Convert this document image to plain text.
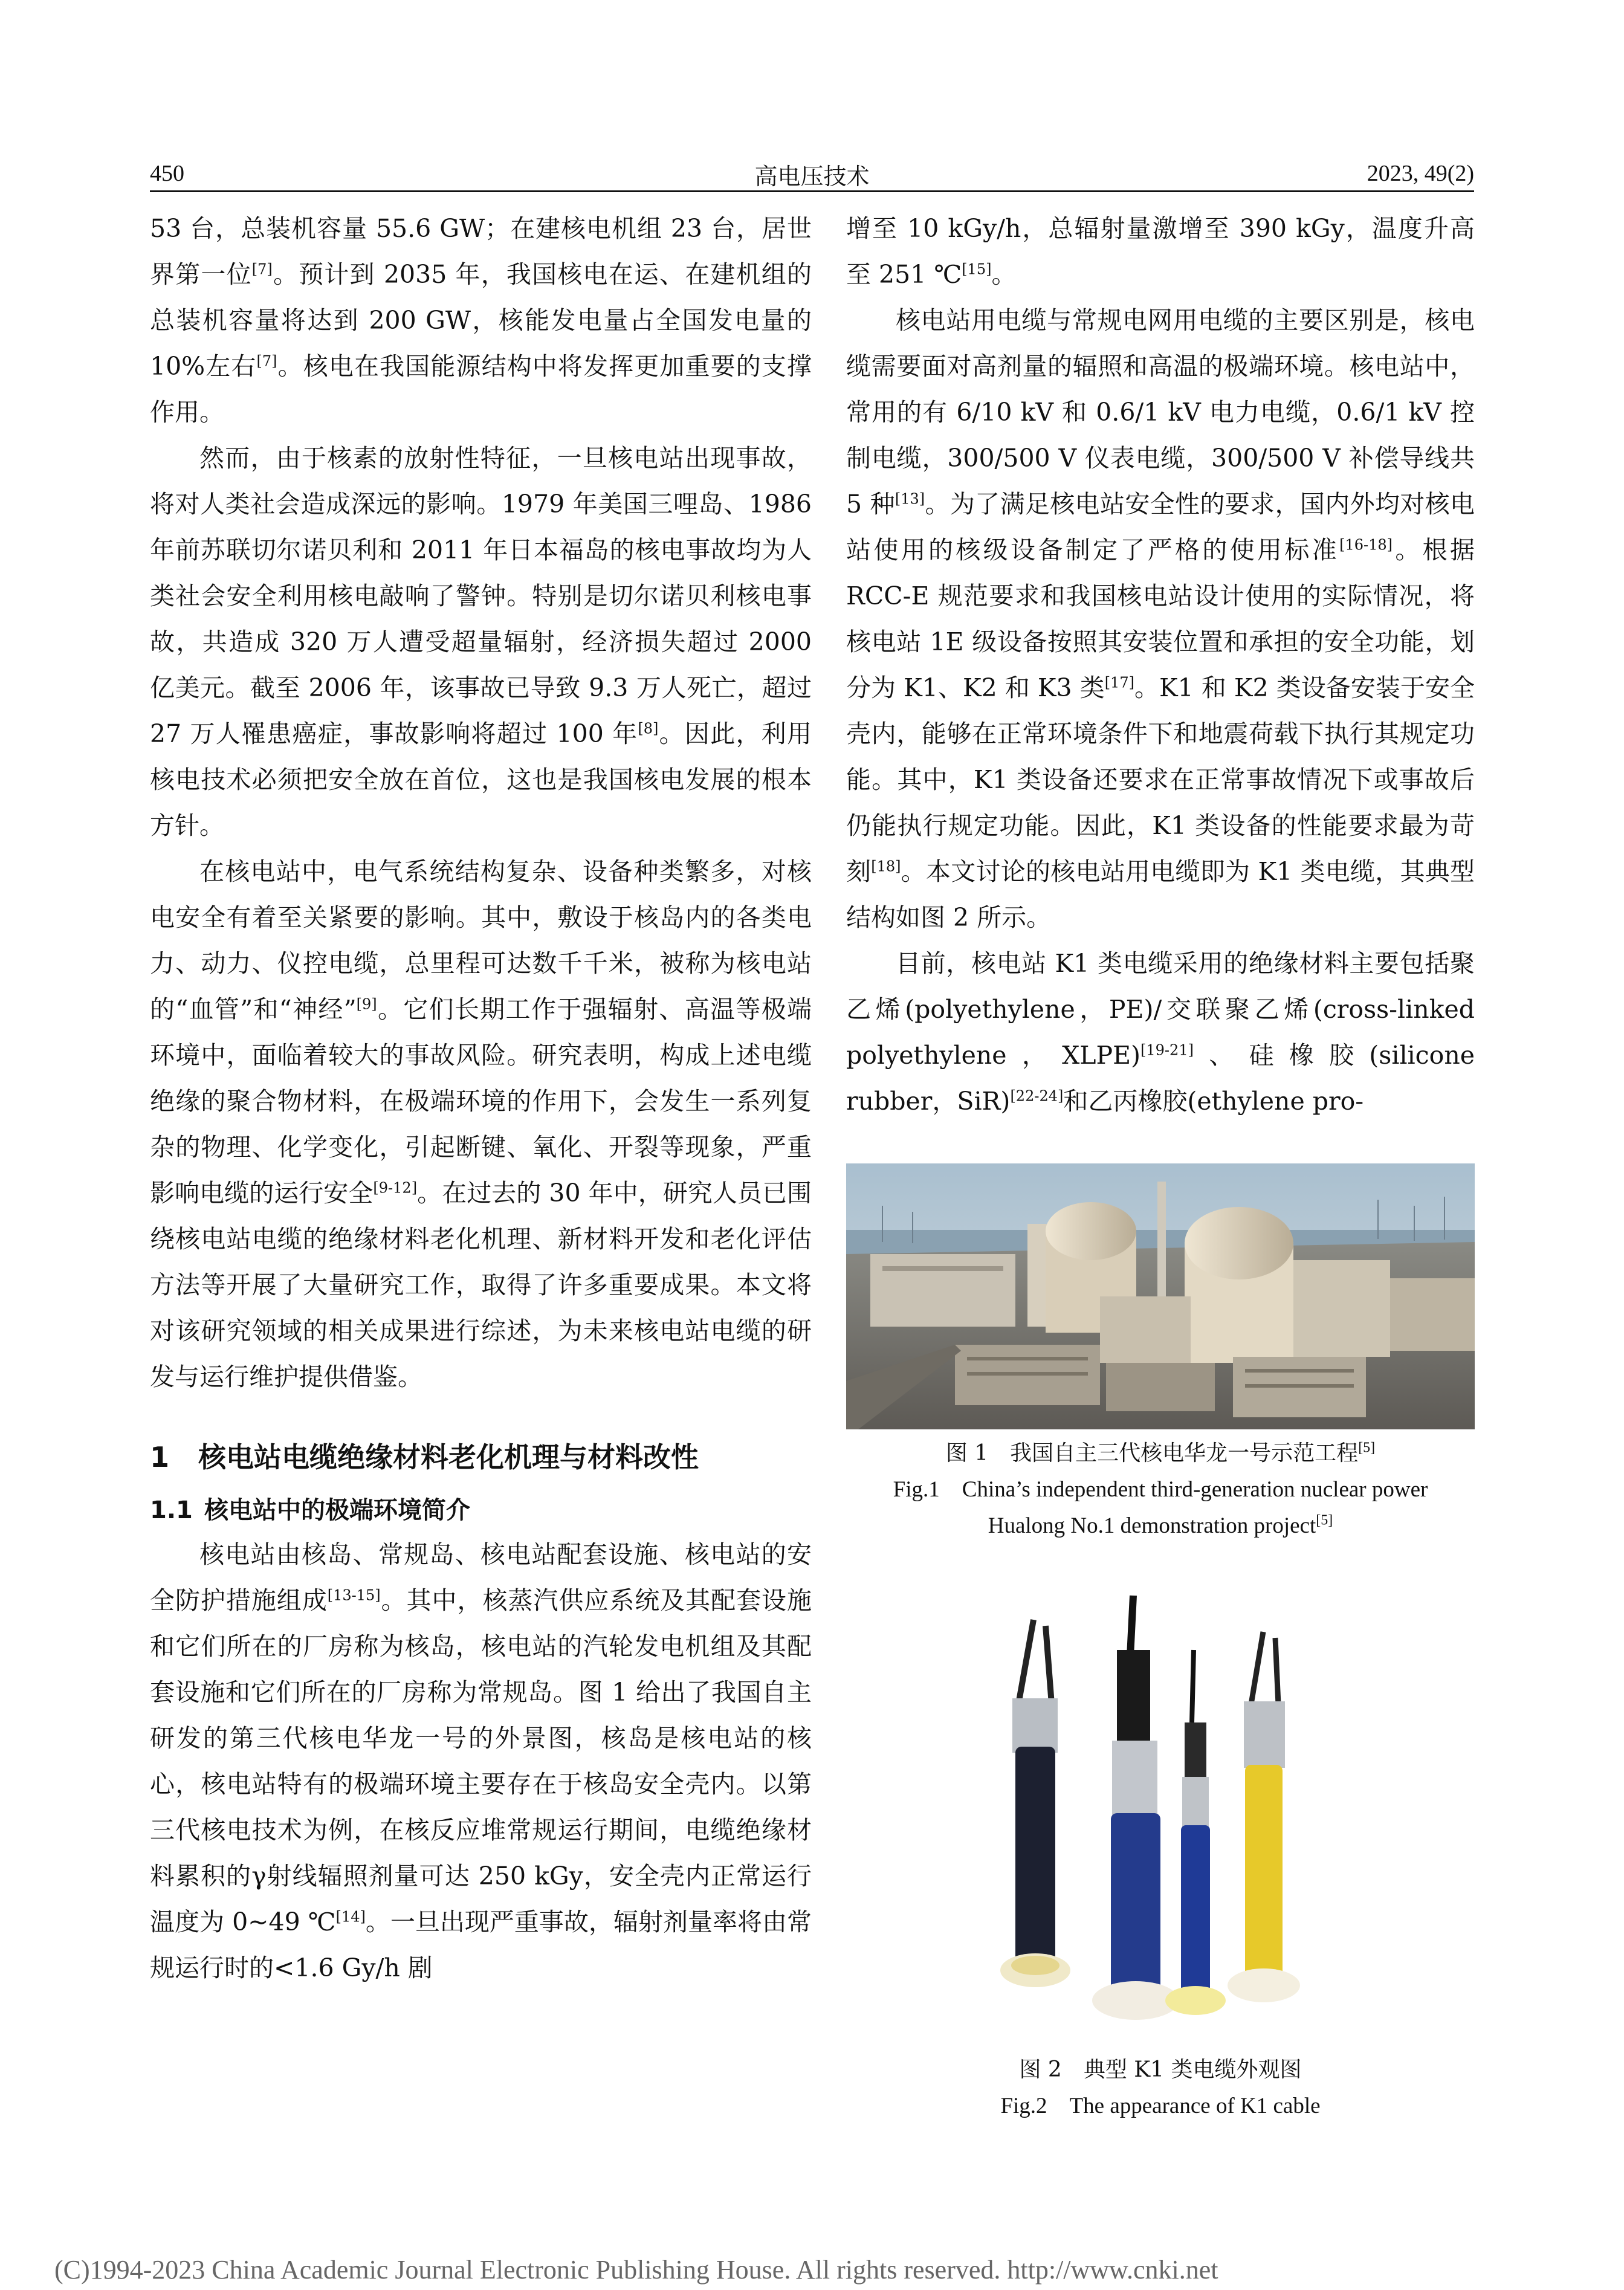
450	高电压技术	2023, 49(2)

53 台，总装机容量 55.6 GW；在建核电机组 23 台，居世界第一位[7]。预计到 2035 年，我国核电在运、在建机组的总装机容量将达到 200 GW，核能发电量占全国发电量的 10%左右[7]。核电在我国能源结构中将发挥更加重要的支撑作用。

然而，由于核素的放射性特征，一旦核电站出现事故，将对人类社会造成深远的影响。1979 年美国三哩岛、1986 年前苏联切尔诺贝利和 2011 年日本福岛的核电事故均为人类社会安全利用核电敲响了警钟。特别是切尔诺贝利核电事故，共造成 320 万人遭受超量辐射，经济损失超过 2000 亿美元。截至 2006 年，该事故已导致 9.3 万人死亡，超过 27 万人罹患癌症，事故影响将超过 100 年[8]。因此，利用核电技术必须把安全放在首位，这也是我国核电发展的根本方针。

在核电站中，电气系统结构复杂、设备种类繁多，对核电安全有着至关紧要的影响。其中，敷设于核岛内的各类电力、动力、仪控电缆，总里程可达数千千米，被称为核电站的“血管”和“神经”[9]。它们长期工作于强辐射、高温等极端环境中，面临着较大的事故风险。研究表明，构成上述电缆绝缘的聚合物材料，在极端环境的作用下，会发生一系列复杂的物理、化学变化，引起断键、氧化、开裂等现象，严重影响电缆的运行安全[9-12]。在过去的 30 年中，研究人员已围绕核电站电缆的绝缘材料老化机理、新材料开发和老化评估方法等开展了大量研究工作，取得了许多重要成果。本文将对该研究领域的相关成果进行综述，为未来核电站电缆的研发与运行维护提供借鉴。

1 核电站电缆绝缘材料老化机理与材料改性
1.1 核电站中的极端环境简介

核电站由核岛、常规岛、核电站配套设施、核电站的安全防护措施组成[13-15]。其中，核蒸汽供应系统及其配套设施和它们所在的厂房称为核岛，核电站的汽轮发电机组及其配套设施和它们所在的厂房称为常规岛。图 1 给出了我国自主研发的第三代核电华龙一号的外景图，核岛是核电站的核心，核电站特有的极端环境主要存在于核岛安全壳内。以第三代核电技术为例，在核反应堆常规运行期间，电缆绝缘材料累积的γ射线辐照剂量可达 250 kGy，安全壳内正常运行温度为 0~49 ℃[14]。一旦出现严重事故，辐射剂量率将由常规运行时的<1.6 Gy/h 剧

增至 10 kGy/h，总辐射量激增至 390 kGy，温度升高至 251 ℃[15]。

核电站用电缆与常规电网用电缆的主要区别是，核电缆需要面对高剂量的辐照和高温的极端环境。核电站中，常用的有 6/10 kV 和 0.6/1 kV 电力电缆，0.6/1 kV 控制电缆，300/500 V 仪表电缆，300/500 V 补偿导线共 5 种[13]。为了满足核电站安全性的要求，国内外均对核电站使用的核级设备制定了严格的使用标准[16-18]。根据 RCC-E 规范要求和我国核电站设计使用的实际情况，将核电站 1E 级设备按照其安装位置和承担的安全功能，划分为 K1、K2 和 K3 类[17]。K1 和 K2 类设备安装于安全壳内，能够在正常环境条件下和地震荷载下执行其规定功能。其中，K1 类设备还要求在正常事故情况下或事故后仍能执行规定功能。因此，K1 类设备的性能要求最为苛刻[18]。本文讨论的核电站用电缆即为 K1 类电缆，其典型结构如图 2 所示。

目前，核电站 K1 类电缆采用的绝缘材料主要包括聚乙烯(polyethylene，PE)/交联聚乙烯(cross-linked polyethylene，XLPE)[19-21]、硅橡胶(silicone rubber，SiR)[22-24]和乙丙橡胶(ethylene pro-

图 1　我国自主三代核电华龙一号示范工程[5]
Fig.1　China’s independent third-generation nuclear power
Hualong No.1 demonstration project[5]
图 2　典型 K1 类电缆外观图
Fig.2　The appearance of K1 cable
(C)1994-2023 China Academic Journal Electronic Publishing House. All rights reserved. http://www.cnki.net
